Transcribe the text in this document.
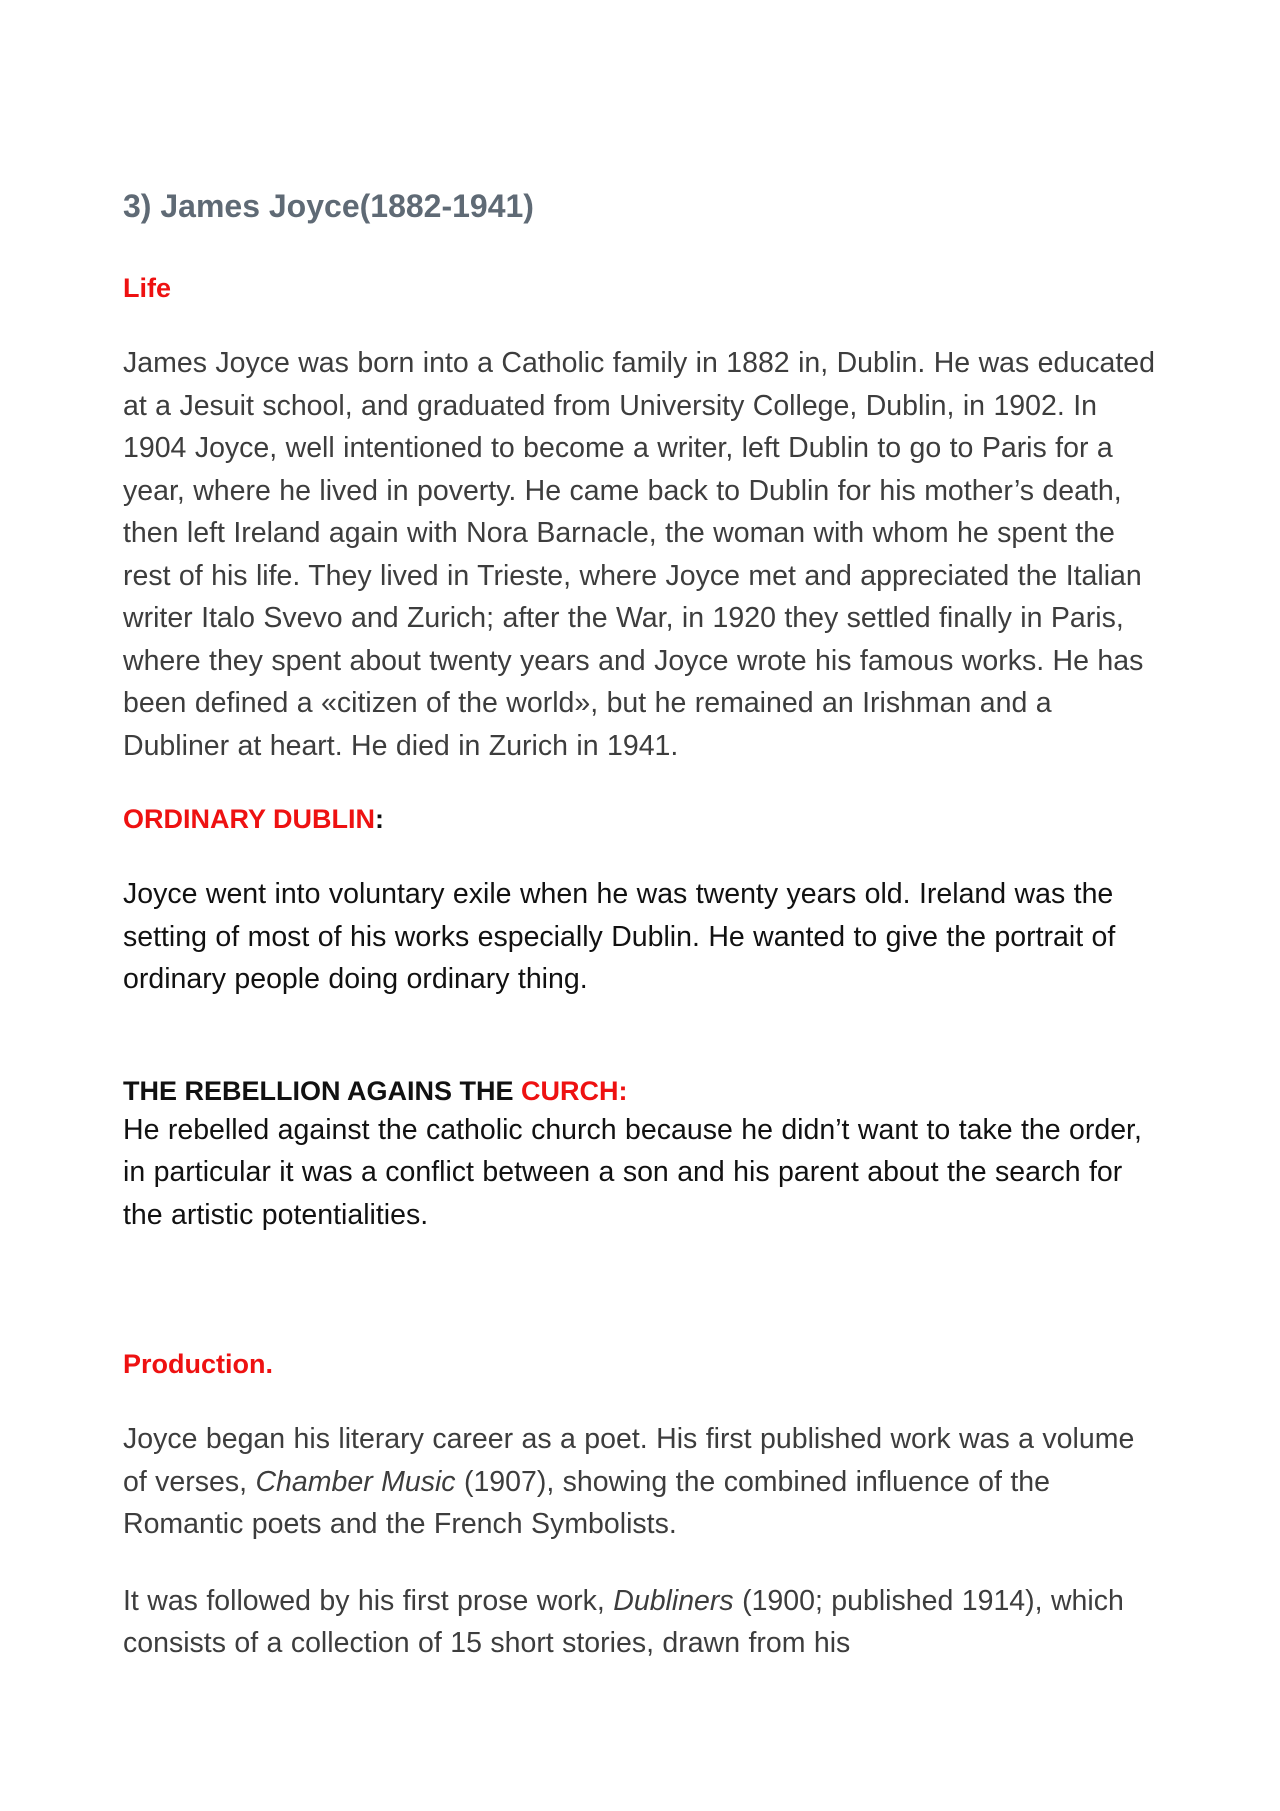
3) James Joyce(1882-1941)
Life

James Joyce was born into a Catholic family in 1882 in, Dublin. He was educated at a Jesuit school, and graduated from University College, Dublin, in 1902. In 1904 Joyce, well intentioned to become a writer, left Dublin to go to Paris for a year, where he lived in poverty. He came back to Dublin for his mother’s death, then left Ireland again with Nora Barnacle, the woman with whom he spent the rest of his life. They lived in Trieste, where Joyce met and appreciated the Italian writer Italo Svevo and Zurich; after the War, in 1920 they settled finally in Paris, where they spent about twenty years and Joyce wrote his famous works. He has been defined a «citizen of the world», but he remained an Irishman and a Dubliner at heart. He died in Zurich in 1941.

ORDINARY DUBLIN:

Joyce went into voluntary exile when he was twenty years old. Ireland was the setting of most of his works especially Dublin. He wanted to give the portrait of ordinary people doing ordinary thing.

THE REBELLION AGAINS THE CURCH:

He rebelled against the catholic church because he didn’t want to take the order, in particular it was a conflict between a son and his parent about the search for the artistic potentialities.

Production.

Joyce began his literary career as a poet. His first published work was a volume of verses, Chamber Music (1907), showing the combined influence of the Romantic poets and the French Symbolists.

It was followed by his first prose work, Dubliners (1900; published 1914), which consists of a collection of 15 short stories, drawn from his
